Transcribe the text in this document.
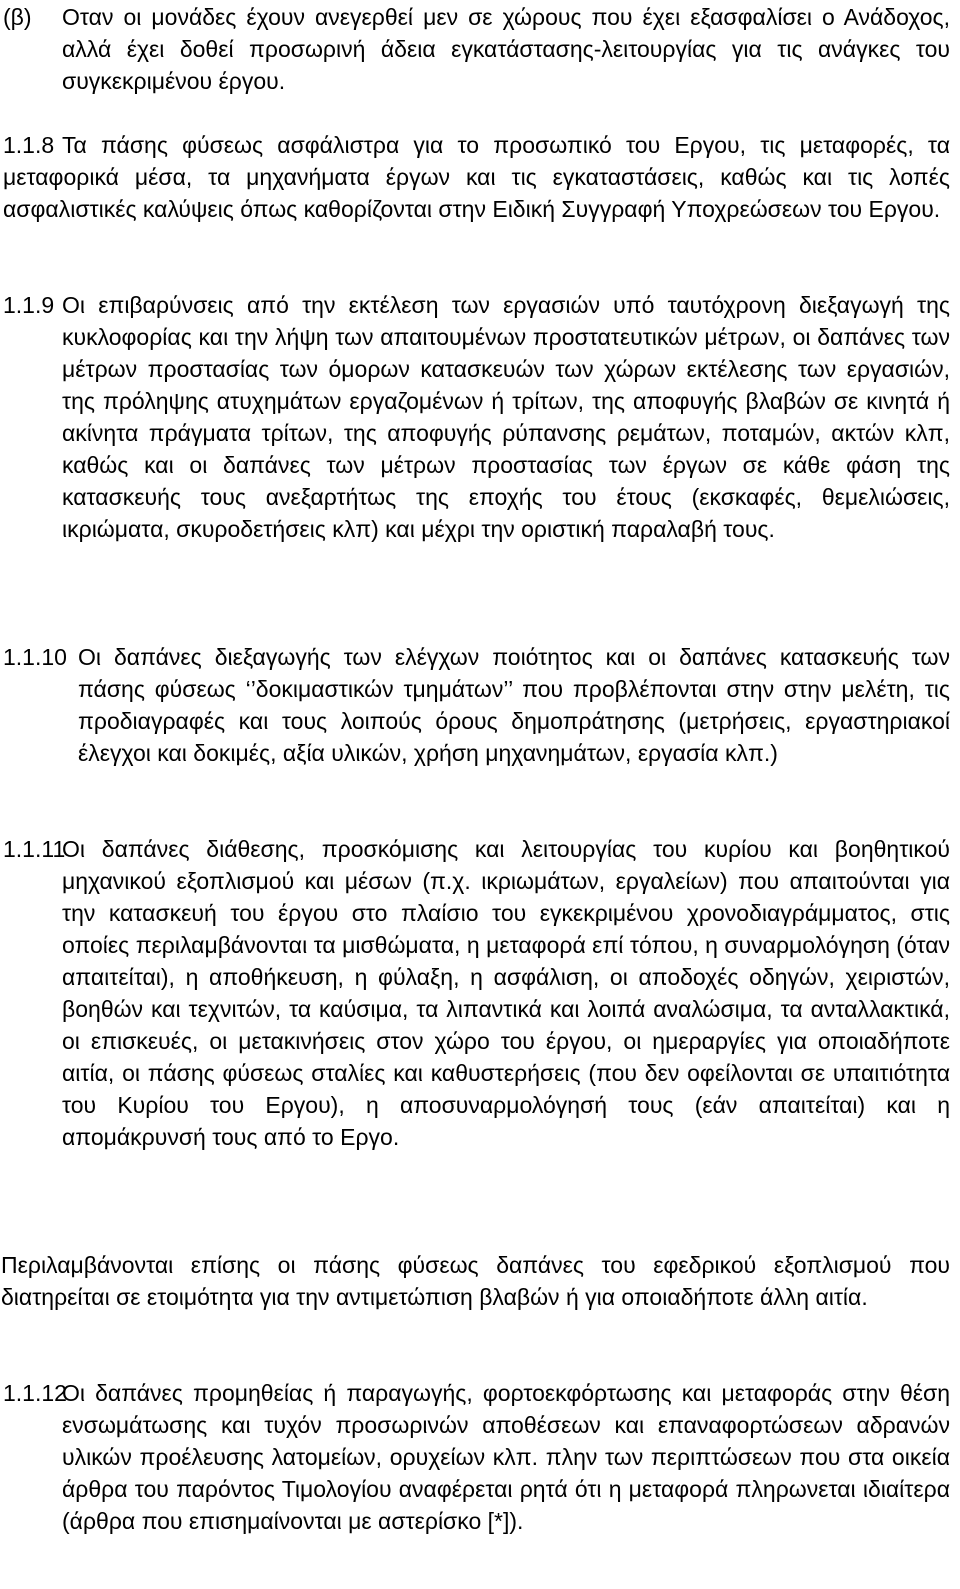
(β) Οταν οι μονάδες έχουν ανεγερθεί μεν σε χώρους που έχει εξασφαλίσει ο Ανάδοχος, αλλά έχει δοθεί προσωρινή άδεια εγκατάστασης-λειτουργίας για τις ανάγκες του συγκεκριμένου έργου.

1.1.8 Τα πάσης φύσεως ασφάλιστρα για το προσωπικό του Εργου, τις μεταφορές, τα μεταφορικά μέσα, τα μηχανήματα έργων και τις εγκαταστάσεις, καθώς και τις λοπές ασφαλιστικές καλύψεις όπως καθορίζονται στην Ειδική Συγγραφή Υποχρεώσεων του Εργου.

1.1.9 Οι επιβαρύνσεις από την εκτέλεση των εργασιών υπό ταυτόχρονη διεξαγωγή της κυκλοφορίας και την λήψη των απαιτουμένων προστατευτικών μέτρων, οι δαπάνες των μέτρων προστασίας των όμορων κατασκευών των χώρων εκτέλεσης των εργασιών, της πρόληψης ατυχημάτων εργαζομένων ή τρίτων, της αποφυγής βλαβών σε κινητά ή ακίνητα πράγματα τρίτων, της αποφυγής ρύπανσης ρεμάτων, ποταμών, ακτών κλπ, καθώς και οι δαπάνες των μέτρων προστασίας των έργων σε κάθε φάση της κατασκευής τους ανεξαρτήτως της εποχής του έτους (εκσκαφές, θεμελιώσεις, ικριώματα, σκυροδετήσεις κλπ) και μέχρι την οριστική παραλαβή τους.

1.1.10 Οι δαπάνες διεξαγωγής των ελέγχων ποιότητος και οι δαπάνες κατασκευής των πάσης φύσεως ‘’δοκιμαστικών τμημάτων’’ που προβλέπονται στην στην μελέτη, τις προδιαγραφές και τους λοιπούς όρους δημοπράτησης (μετρήσεις, εργαστηριακοί έλεγχοι και δοκιμές, αξία υλικών, χρήση μηχανημάτων, εργασία κλπ.)

1.1.11

Οι δαπάνες διάθεσης, προσκόμισης και λειτουργίας του κυρίου και βοηθητικού μηχανικού εξοπλισμού και μέσων (π.χ. ικριωμάτων, εργαλείων) που απαιτούνται για την κατασκευή του έργου στο πλαίσιο του εγκεκριμένου χρονοδιαγράμματος, στις οποίες περιλαμβάνονται τα μισθώματα, η μεταφορά επί τόπου, η συναρμολόγηση (όταν απαιτείται), η αποθήκευση, η φύλαξη, η ασφάλιση, οι αποδοχές οδηγών, χειριστών, βοηθών και τεχνιτών, τα καύσιμα, τα λιπαντικά και λοιπά αναλώσιμα, τα ανταλλακτικά, οι επισκευές, οι μετακινήσεις στον χώρο του έργου, οι ημεραργίες για οποιαδήποτε αιτία, οι πάσης φύσεως σταλίες και καθυστερήσεις (που δεν οφείλονται σε υπαιτιότητα του Κυρίου του Εργου), η αποσυναρμολόγησή τους (εάν απαιτείται) και η απομάκρυνσή τους από το Εργο.

Περιλαμβάνονται επίσης οι πάσης φύσεως δαπάνες του εφεδρικού εξοπλισμού που διατηρείται σε ετοιμότητα για την αντιμετώπιση βλαβών ή για οποιαδήποτε άλλη αιτία.

1.1.12

Οι δαπάνες προμηθείας ή παραγωγής, φορτοεκφόρτωσης και μεταφοράς στην θέση ενσωμάτωσης και τυχόν προσωρινών αποθέσεων και επαναφορτώσεων αδρανών υλικών προέλευσης λατομείων, ορυχείων κλπ. πλην των περιπτώσεων που στα οικεία άρθρα του παρόντος Τιμολογίου αναφέρεται ρητά ότι η μεταφορά πληρωνεται ιδιαίτερα (άρθρα που επισημαίνονται με αστερίσκο [*]).
